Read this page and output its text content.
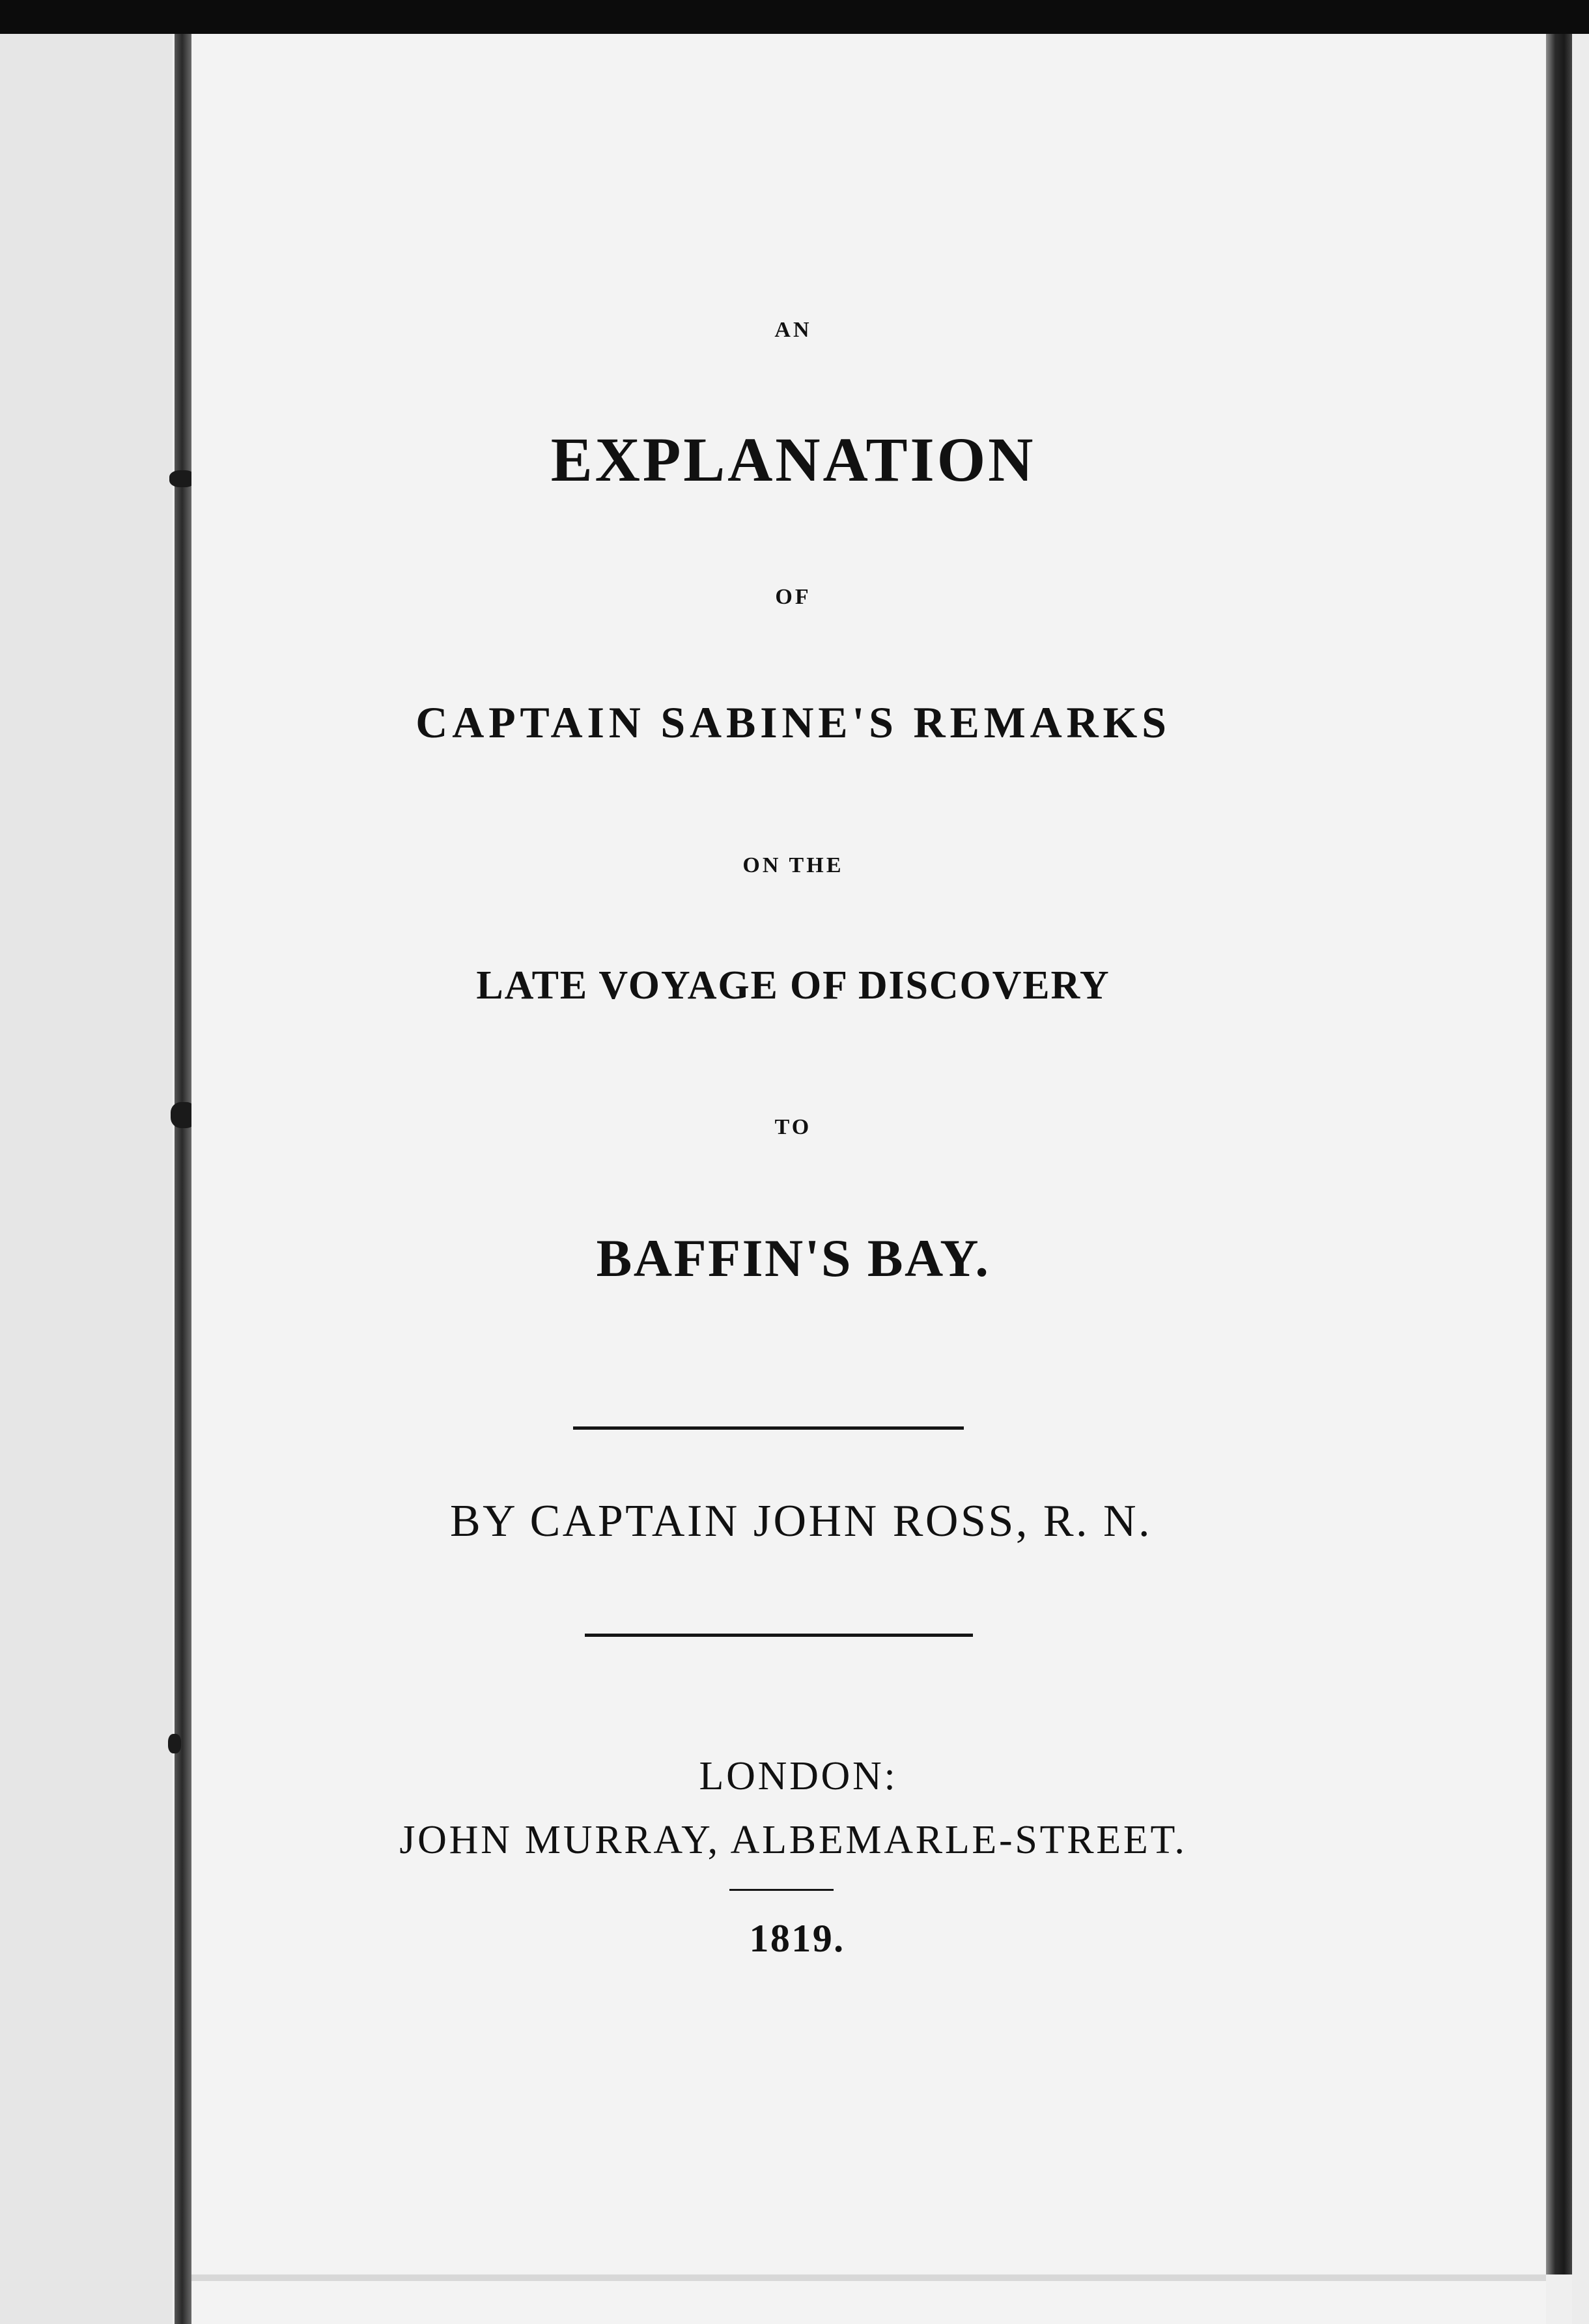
AN
EXPLANATION
OF
CAPTAIN SABINE'S REMARKS
ON THE
LATE VOYAGE OF DISCOVERY
TO
BAFFIN'S BAY.
BY CAPTAIN JOHN ROSS, R. N.
LONDON:
JOHN MURRAY, ALBEMARLE-STREET.
1819.
